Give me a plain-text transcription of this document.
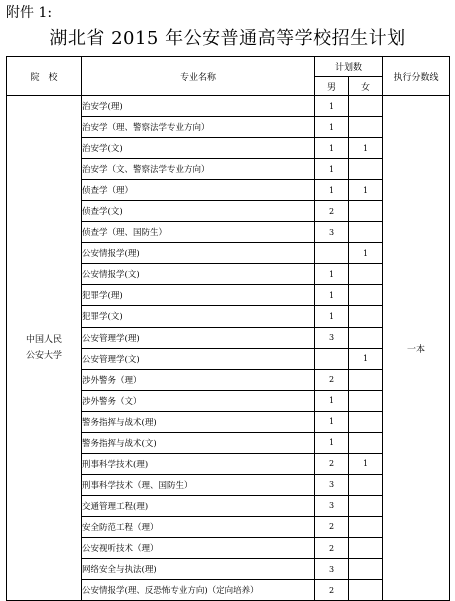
附件 1:
湖北省 2015 年公安普通高等学校招生计划
院　校	专业名称	计划数		执行分数线
		男	女	

中国人民
公安大学	治安学(理)	1		一本
	治安学（理、警察法学专业方向）	1		
	治安学(文)	1	1	
	治安学（文、警察法学专业方向）	1		
	侦查学（理）	1	1	
	侦查学(文)	2		
	侦查学（理、国防生）	3		
	公安情报学(理)		1	
	公安情报学(文)	1		
	犯罪学(理)	1		
	犯罪学(文)	1		
	公安管理学(理)	3		
	公安管理学(文)		1	
	涉外警务（理）	2		
	涉外警务（文）	1		
	警务指挥与战术(理)	1		
	警务指挥与战术(文)	1		
	刑事科学技术(理)	2	1	
	刑事科学技术（理、国防生）	3		
	交通管理工程(理)	3		
	安全防范工程（理）	2		
	公安视听技术（理）	2		
	网络安全与执法(理)	3		
	公安情报学(理、反恐怖专业方向)（定向培养）	2		
